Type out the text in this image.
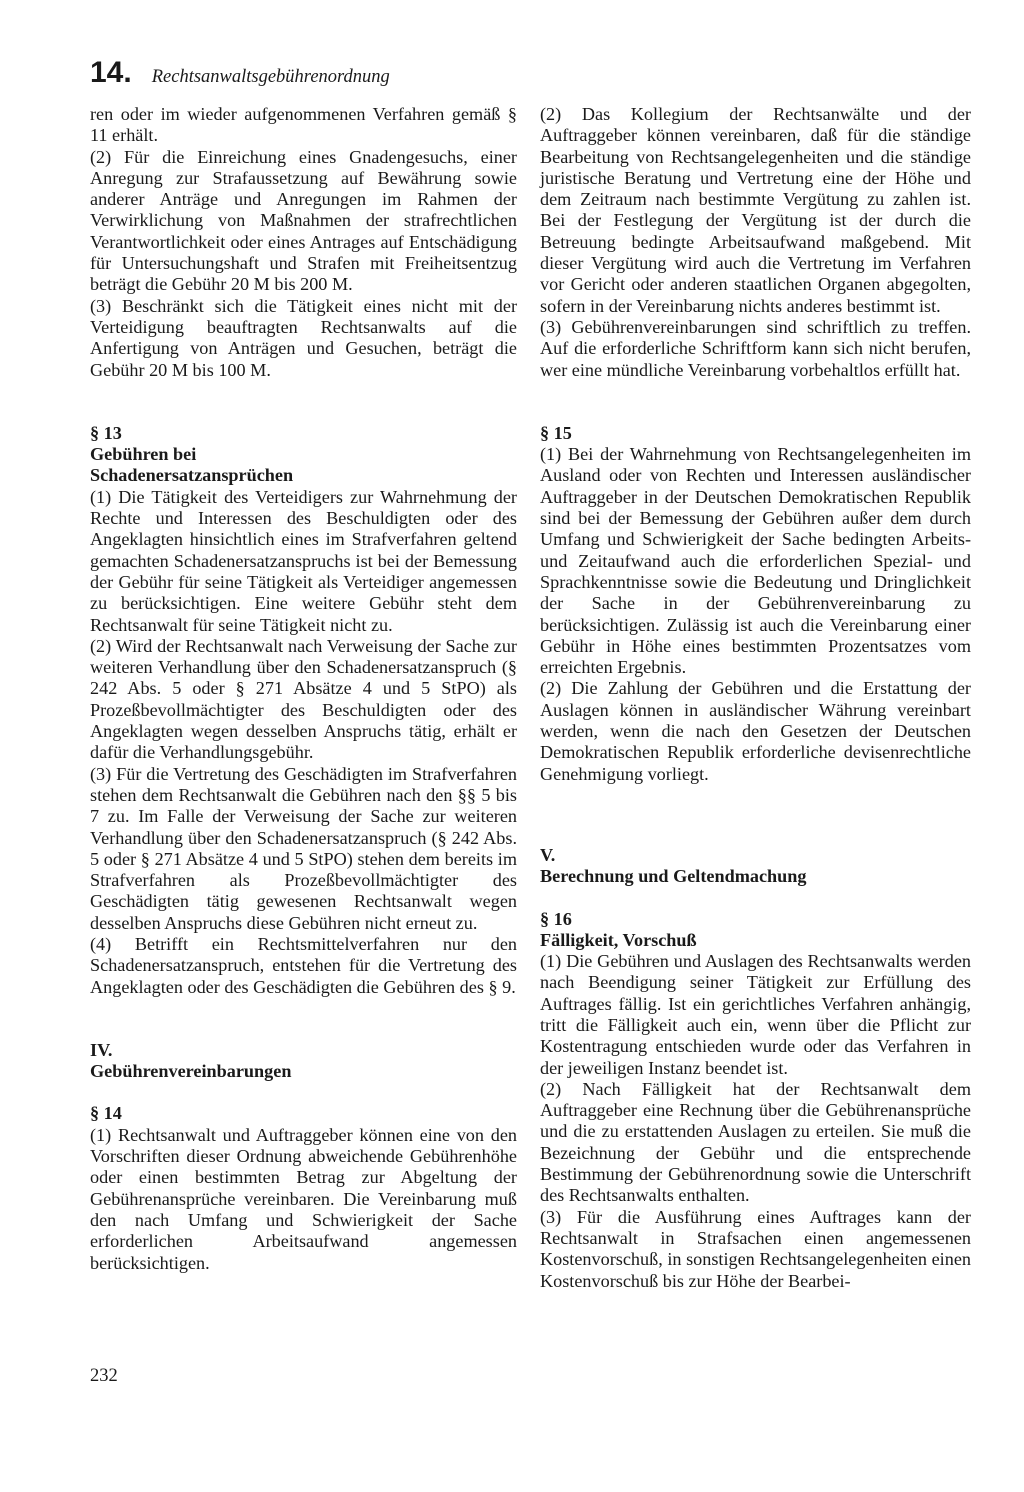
14. Rechtsanwaltsgebührenordnung

ren oder im wieder aufgenommenen Verfahren gemäß § 11 erhält.

(2) Für die Einreichung eines Gnadengesuchs, einer Anregung zur Strafaussetzung auf Bewährung sowie anderer Anträge und Anregungen im Rahmen der Verwirklichung von Maßnahmen der strafrechtlichen Verantwortlichkeit oder eines Antrages auf Entschädigung für Untersuchungshaft und Strafen mit Freiheitsentzug beträgt die Gebühr 20 M bis 200 M.

(3) Beschränkt sich die Tätigkeit eines nicht mit der Verteidigung beauftragten Rechtsanwalts auf die Anfertigung von Anträgen und Gesuchen, beträgt die Gebühr 20 M bis 100 M.

§ 13
Gebühren bei
Schadenersatzansprüchen

(1) Die Tätigkeit des Verteidigers zur Wahrnehmung der Rechte und Interessen des Beschuldigten oder des Angeklagten hinsichtlich eines im Strafverfahren geltend gemachten Schadenersatzanspruchs ist bei der Bemessung der Gebühr für seine Tätigkeit als Verteidiger angemessen zu berücksichtigen. Eine weitere Gebühr steht dem Rechtsanwalt für seine Tätigkeit nicht zu.

(2) Wird der Rechtsanwalt nach Verweisung der Sache zur weiteren Verhandlung über den Schadenersatzanspruch (§ 242 Abs. 5 oder § 271 Absätze 4 und 5 StPO) als Prozeßbevollmächtigter des Beschuldigten oder des Angeklagten wegen desselben Anspruchs tätig, erhält er dafür die Verhandlungsgebühr.

(3) Für die Vertretung des Geschädigten im Strafverfahren stehen dem Rechtsanwalt die Gebühren nach den §§ 5 bis 7 zu. Im Falle der Verweisung der Sache zur weiteren Verhandlung über den Schadenersatzanspruch (§ 242 Abs. 5 oder § 271 Absätze 4 und 5 StPO) stehen dem bereits im Strafverfahren als Prozeßbevollmächtigter des Geschädigten tätig gewesenen Rechtsanwalt wegen desselben Anspruchs diese Gebühren nicht erneut zu.

(4) Betrifft ein Rechtsmittelverfahren nur den Schadenersatzanspruch, entstehen für die Vertretung des Angeklagten oder des Geschädigten die Gebühren des § 9.

IV.
Gebührenvereinbarungen
§ 14

(1) Rechtsanwalt und Auftraggeber können eine von den Vorschriften dieser Ordnung abweichende Gebührenhöhe oder einen bestimmten Betrag zur Abgeltung der Gebührenansprüche vereinbaren. Die Vereinbarung muß den nach Umfang und Schwierigkeit der Sache erforderlichen Arbeitsaufwand angemessen berücksichtigen.

(2) Das Kollegium der Rechtsanwälte und der Auftraggeber können vereinbaren, daß für die ständige Bearbeitung von Rechtsangelegenheiten und die ständige juristische Beratung und Vertretung eine der Höhe und dem Zeitraum nach bestimmte Vergütung zu zahlen ist. Bei der Festlegung der Vergütung ist der durch die Betreuung bedingte Arbeitsaufwand maßgebend. Mit dieser Vergütung wird auch die Vertretung im Verfahren vor Gericht oder anderen staatlichen Organen abgegolten, sofern in der Vereinbarung nichts anderes bestimmt ist.

(3) Gebührenvereinbarungen sind schriftlich zu treffen. Auf die erforderliche Schriftform kann sich nicht berufen, wer eine mündliche Vereinbarung vorbehaltlos erfüllt hat.

§ 15

(1) Bei der Wahrnehmung von Rechtsangelegenheiten im Ausland oder von Rechten und Interessen ausländischer Auftraggeber in der Deutschen Demokratischen Republik sind bei der Bemessung der Gebühren außer dem durch Umfang und Schwierigkeit der Sache bedingten Arbeits- und Zeitaufwand auch die erforderlichen Spezial- und Sprachkenntnisse sowie die Bedeutung und Dringlichkeit der Sache in der Gebührenvereinbarung zu berücksichtigen. Zulässig ist auch die Vereinbarung einer Gebühr in Höhe eines bestimmten Prozentsatzes vom erreichten Ergebnis.

(2) Die Zahlung der Gebühren und die Erstattung der Auslagen können in ausländischer Währung vereinbart werden, wenn die nach den Gesetzen der Deutschen Demokratischen Republik erforderliche devisenrechtliche Genehmigung vorliegt.

V.
Berechnung und Geltendmachung
§ 16
Fälligkeit, Vorschuß

(1) Die Gebühren und Auslagen des Rechtsanwalts werden nach Beendigung seiner Tätigkeit zur Erfüllung des Auftrages fällig. Ist ein gerichtliches Verfahren anhängig, tritt die Fälligkeit auch ein, wenn über die Pflicht zur Kostentragung entschieden wurde oder das Verfahren in der jeweiligen Instanz beendet ist.

(2) Nach Fälligkeit hat der Rechtsanwalt dem Auftraggeber eine Rechnung über die Gebührenansprüche und die zu erstattenden Auslagen zu erteilen. Sie muß die Bezeichnung der Gebühr und die entsprechende Bestimmung der Gebührenordnung sowie die Unterschrift des Rechtsanwalts enthalten.

(3) Für die Ausführung eines Auftrages kann der Rechtsanwalt in Strafsachen einen angemessenen Kostenvorschuß, in sonstigen Rechtsangelegenheiten einen Kostenvorschuß bis zur Höhe der Bearbei-

232
